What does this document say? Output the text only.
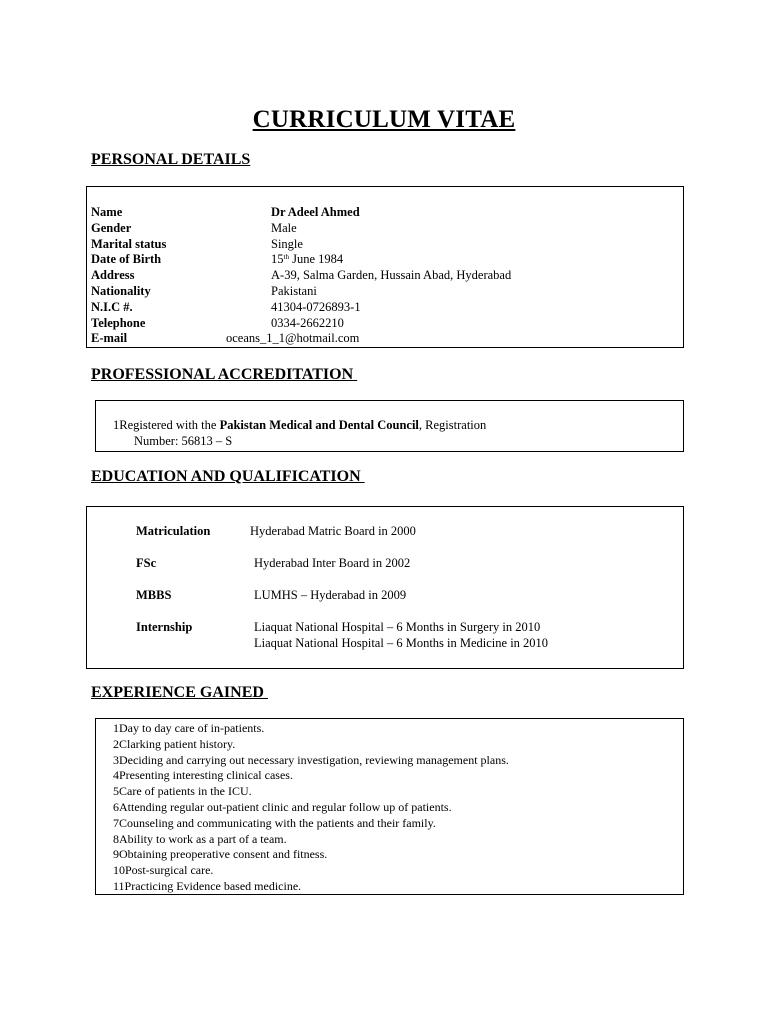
CURRICULUM VITAE
PERSONAL DETAILS
Name	Dr Adeel Ahmed
Gender	Male
Marital status	Single
Date of Birth	15th June 1984
Address	A-39, Salma Garden, Hussain Abad, Hyderabad
Nationality	Pakistani
N.I.C #.	41304-0726893-1
Telephone	0334-2662210
E-mail	oceans_1_1@hotmail.com
PROFESSIONAL ACCREDITATION
1Registered with the Pakistan Medical and Dental Council, Registration
Number: 56813 – S
EDUCATION AND QUALIFICATION
Matriculation	Hyderabad Matric Board in 2000
FSc	Hyderabad Inter Board in 2002
MBBS	LUMHS – Hyderabad in 2009
Internship	Liaquat National Hospital – 6 Months in Surgery in 2010
Liaquat National Hospital – 6 Months in Medicine in 2010
EXPERIENCE GAINED
1Day to day care of in-patients.
2Clarking patient history.
3Deciding and carrying out necessary investigation, reviewing management plans.
4Presenting interesting clinical cases.
5Care of patients in the ICU.
6Attending regular out-patient clinic and regular follow up of patients.
7Counseling and communicating with the patients and their family.
8Ability to work as a part of a team.
9Obtaining preoperative consent and fitness.
10Post-surgical care.
11Practicing Evidence based medicine.
